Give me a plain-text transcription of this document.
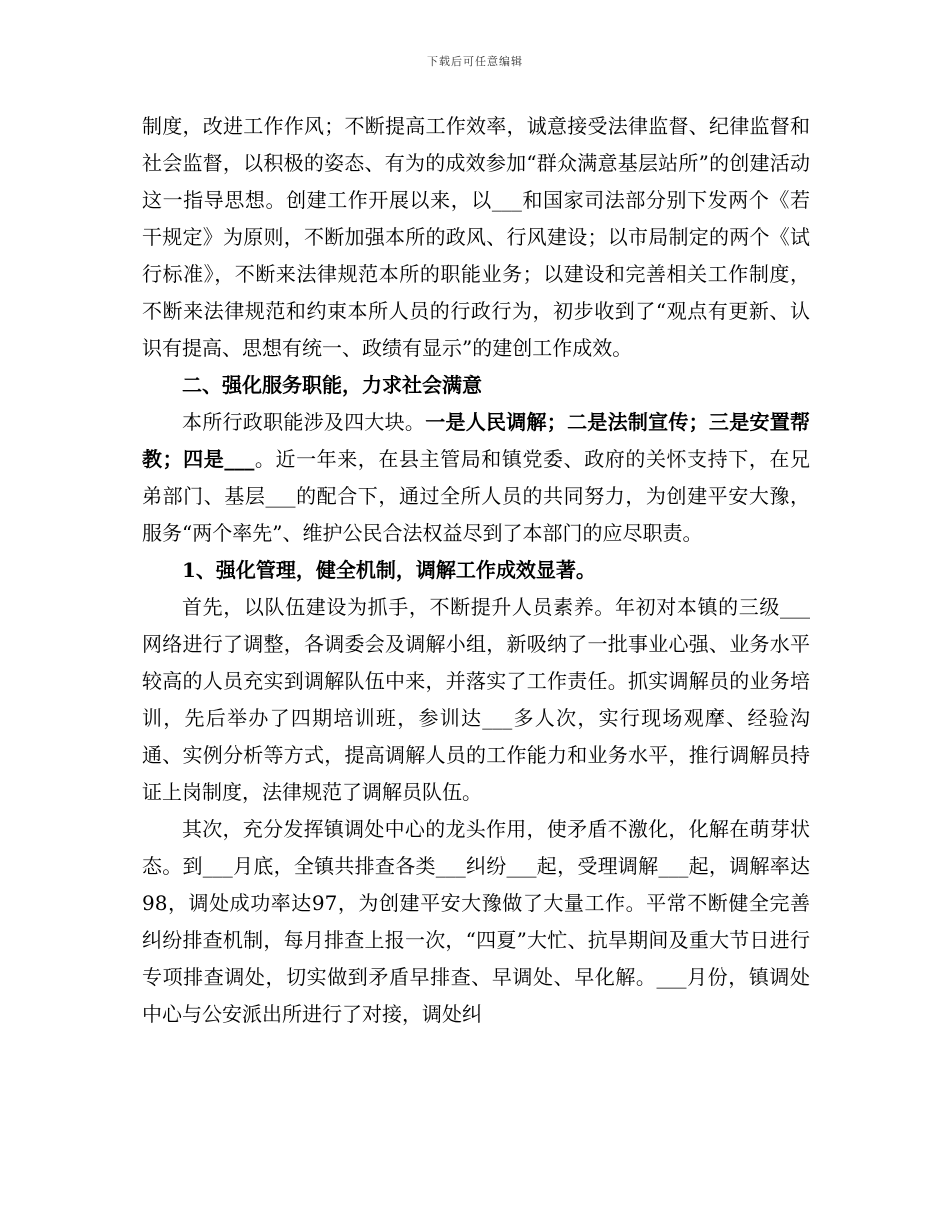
下载后可任意编辑

制度，改进工作作风；不断提高工作效率，诚意接受法律监督、纪律监督和社会监督，以积极的姿态、有为的成效参加“群众满意基层站所”的创建活动这一指导思想。创建工作开展以来，以___和国家司法部分别下发两个《若干规定》为原则，不断加强本所的政风、行风建设；以市局制定的两个《试行标准》，不断来法律规范本所的职能业务；以建设和完善相关工作制度，不断来法律规范和约束本所人员的行政行为，初步收到了“观点有更新、认识有提高、思想有统一、政绩有显示”的建创工作成效。

二、强化服务职能，力求社会满意

本所行政职能涉及四大块。一是人民调解；二是法制宣传；三是安置帮教；四是___。近一年来，在县主管局和镇党委、政府的关怀支持下，在兄弟部门、基层___的配合下，通过全所人员的共同努力，为创建平安大豫，服务“两个率先”、维护公民合法权益尽到了本部门的应尽职责。

1、强化管理，健全机制，调解工作成效显著。

首先，以队伍建设为抓手，不断提升人员素养。年初对本镇的三级___网络进行了调整，各调委会及调解小组，新吸纳了一批事业心强、业务水平较高的人员充实到调解队伍中来，并落实了工作责任。抓实调解员的业务培训，先后举办了四期培训班，参训达___多人次，实行现场观摩、经验沟通、实例分析等方式，提高调解人员的工作能力和业务水平，推行调解员持证上岗制度，法律规范了调解员队伍。

其次，充分发挥镇调处中心的龙头作用，使矛盾不激化，化解在萌芽状态。到___月底，全镇共排查各类___纠纷___起，受理调解___起，调解率达98，调处成功率达97，为创建平安大豫做了大量工作。平常不断健全完善纠纷排查机制，每月排查上报一次，“四夏”大忙、抗旱期间及重大节日进行专项排查调处，切实做到矛盾早排查、早调处、早化解。___月份，镇调处中心与公安派出所进行了对接，调处纠
